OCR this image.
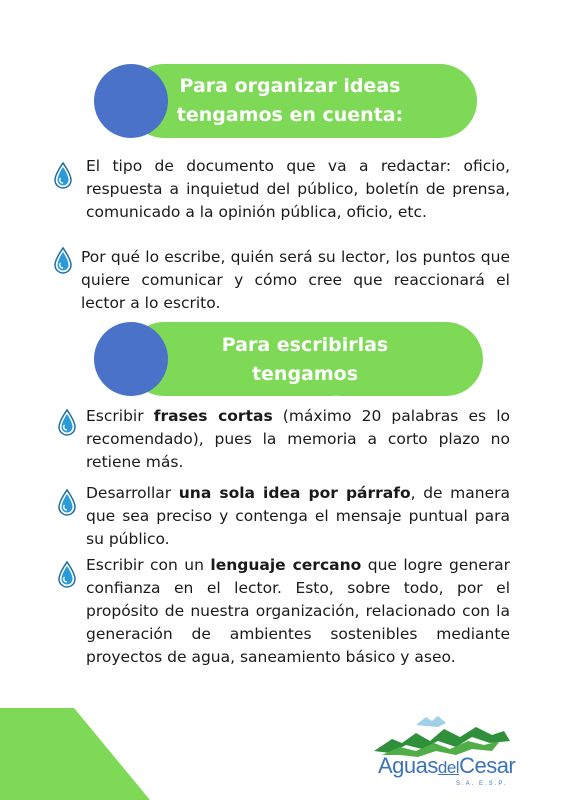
Para organizar ideas
tengamos en cuenta:
El tipo de documento que va a redactar: oficio, respuesta a inquietud del público, boletín de prensa, comunicado a la opinión pública, oficio, etc.
Por qué lo escribe, quién será su lector, los puntos que quiere comunicar y cómo cree que reaccionará el lector a lo escrito.
Para escribirlas tengamos
en cuenta:
Escribir frases cortas (máximo 20 palabras es lo recomendado), pues la memoria a corto plazo no retiene más.
Desarrollar una sola idea por párrafo, de manera que sea preciso y contenga el mensaje puntual para su público.
Escribir con un lenguaje cercano que logre generar confianza en el lector. Esto, sobre todo, por el propósito de nuestra organización, relacionado con la generación de ambientes sostenibles mediante proyectos de agua, saneamiento básico y aseo.
AguasdelCesar
S.A. E.S.P.
